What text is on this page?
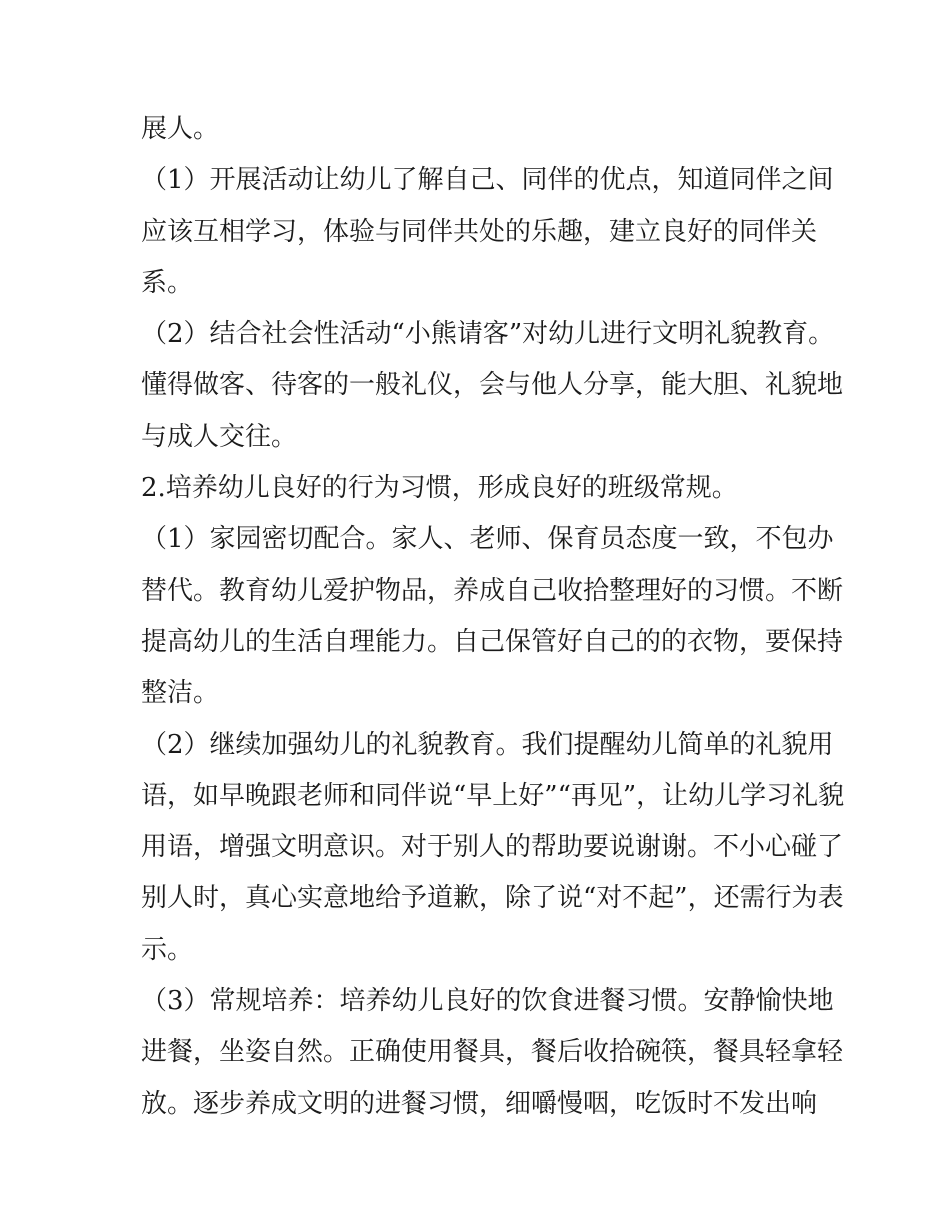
展人。
（1）开展活动让幼儿了解自己、同伴的优点，知道同伴之间
应该互相学习，体验与同伴共处的乐趣，建立良好的同伴关
系。
（2）结合社会性活动“小熊请客”对幼儿进行文明礼貌教育。
懂得做客、待客的一般礼仪，会与他人分享，能大胆、礼貌地
与成人交往。
2.培养幼儿良好的行为习惯，形成良好的班级常规。
（1）家园密切配合。家人、老师、保育员态度一致，不包办
替代。教育幼儿爱护物品，养成自己收拾整理好的习惯。不断
提高幼儿的生活自理能力。自己保管好自己的的衣物，要保持
整洁。
（2）继续加强幼儿的礼貌教育。我们提醒幼儿简单的礼貌用
语，如早晚跟老师和同伴说“早上好”“再见”，让幼儿学习礼貌
用语，增强文明意识。对于别人的帮助要说谢谢。不小心碰了
别人时，真心实意地给予道歉，除了说“对不起”，还需行为表
示。
（3）常规培养：培养幼儿良好的饮食进餐习惯。安静愉快地
进餐，坐姿自然。正确使用餐具，餐后收拾碗筷，餐具轻拿轻
放。逐步养成文明的进餐习惯，细嚼慢咽，吃饭时不发出响
